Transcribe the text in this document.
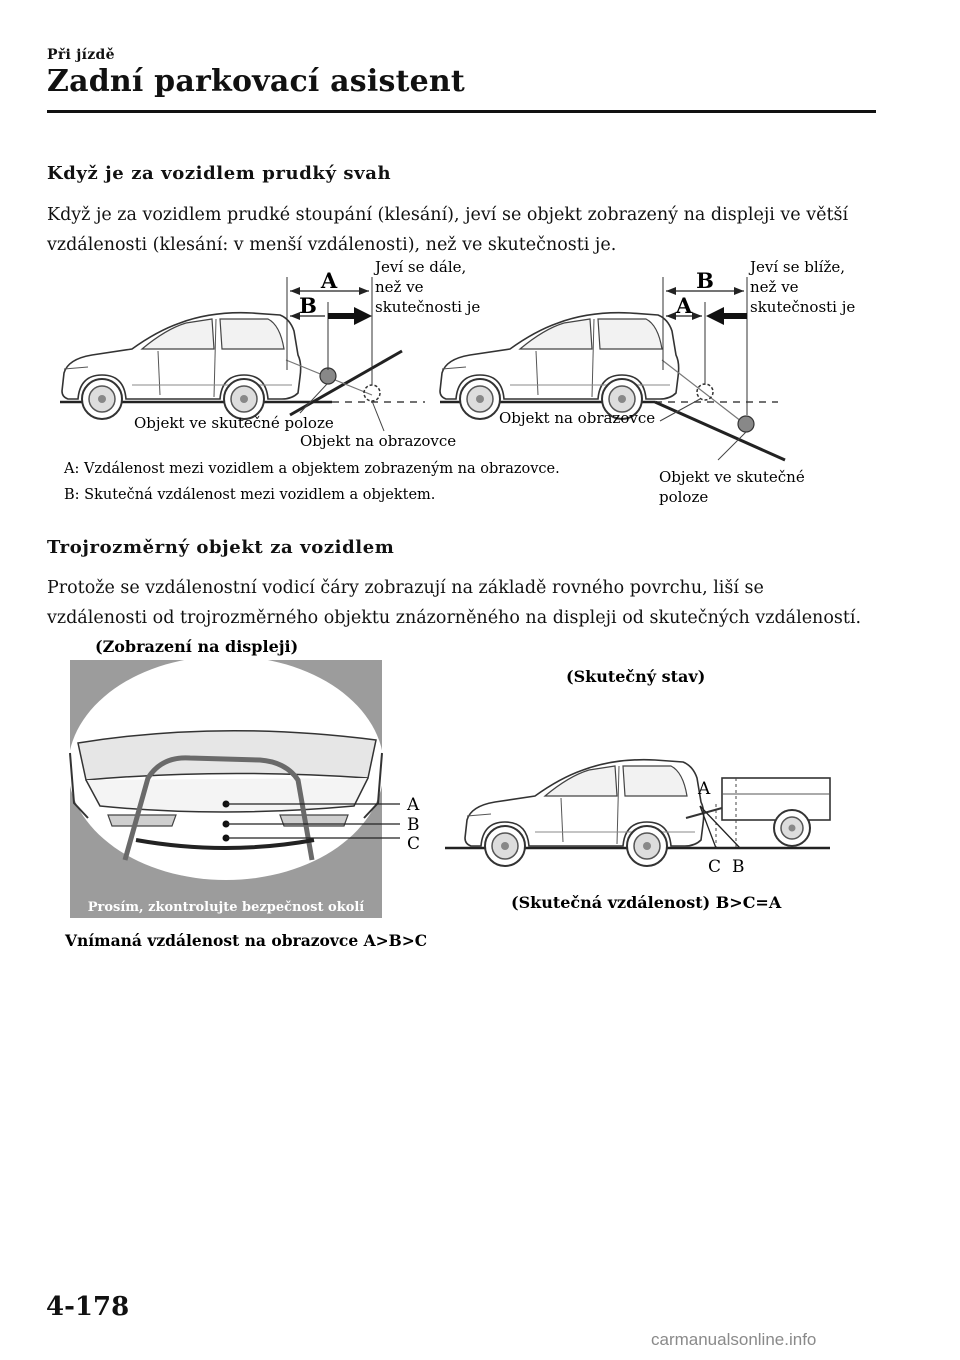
Při jízdě
Zadní parkovací asistent
Když je za vozidlem prudký svah
Když je za vozidlem prudké stoupání (klesání), jeví se objekt zobrazený na displeji ve větší
vzdálenosti (klesání: v menší vzdálenosti), než ve skutečnosti je.
A
B
Jeví se dále,
než ve
skutečnosti je
Objekt ve skutečné poloze
Objekt na obrazovce
B
A
Jeví se blíže,
než ve
skutečnosti je
Objekt na obrazovce
Objekt ve skutečné
poloze
A: Vzdálenost mezi vozidlem a objektem zobrazeným na obrazovce.
B: Skutečná vzdálenost mezi vozidlem a objektem.
Trojrozměrný objekt za vozidlem
Protože se vzdálenostní vodicí čáry zobrazují na základě rovného povrchu, liší se
vzdálenosti od trojrozměrného objektu znázorněného na displeji od skutečných vzdáleností.
(Zobrazení na displeji)
Prosím, zkontrolujte bezpečnost okolí
A
B
C
Vnímaná vzdálenost na obrazovce A>B>C
(Skutečný stav)
A
C B
(Skutečná vzdálenost) B>C=A
4-178
carmanualsonline.info
